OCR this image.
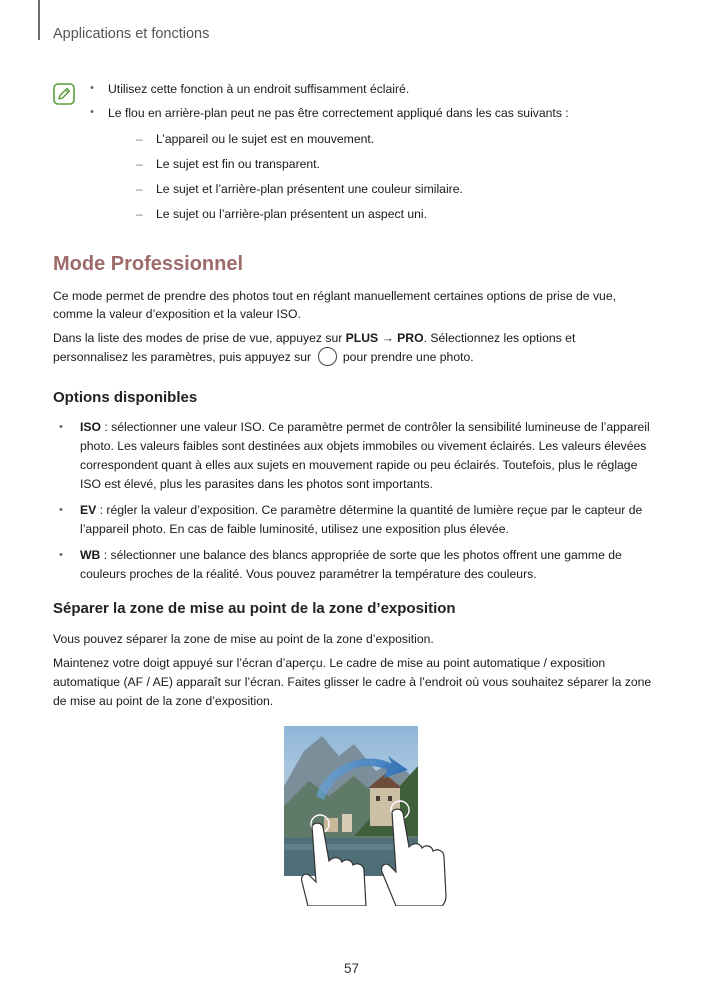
Applications et fonctions
• Utilisez cette fonction à un endroit suffisamment éclairé.
• Le flou en arrière-plan peut ne pas être correctement appliqué dans les cas suivants :
– L’appareil ou le sujet est en mouvement.
– Le sujet est fin ou transparent.
– Le sujet et l’arrière-plan présentent une couleur similaire.
– Le sujet ou l’arrière-plan présentent un aspect uni.
Mode Professionnel
Ce mode permet de prendre des photos tout en réglant manuellement certaines options de prise de vue, comme la valeur d’exposition et la valeur ISO.
Dans la liste des modes de prise de vue, appuyez sur PLUS → PRO. Sélectionnez les options et personnalisez les paramètres, puis appuyez sur  pour prendre une photo.
Options disponibles
• ISO : sélectionner une valeur ISO. Ce paramètre permet de contrôler la sensibilité lumineuse de l’appareil photo. Les valeurs faibles sont destinées aux objets immobiles ou vivement éclairés. Les valeurs élevées correspondent quant à elles aux sujets en mouvement rapide ou peu éclairés. Toutefois, plus le réglage ISO est élevé, plus les parasites dans les photos sont importants.
• EV : régler la valeur d’exposition. Ce paramètre détermine la quantité de lumière reçue par le capteur de l’appareil photo. En cas de faible luminosité, utilisez une exposition plus élevée.
• WB : sélectionner une balance des blancs appropriée de sorte que les photos offrent une gamme de couleurs proches de la réalité. Vous pouvez paramétrer la température des couleurs.
Séparer la zone de mise au point de la zone d’exposition
Vous pouvez séparer la zone de mise au point de la zone d’exposition.
Maintenez votre doigt appuyé sur l’écran d’aperçu. Le cadre de mise au point automatique / exposition automatique (AF / AE) apparaît sur l’écran. Faites glisser le cadre à l’endroit où vous souhaitez séparer la zone de mise au point de la zone d’exposition.
57
